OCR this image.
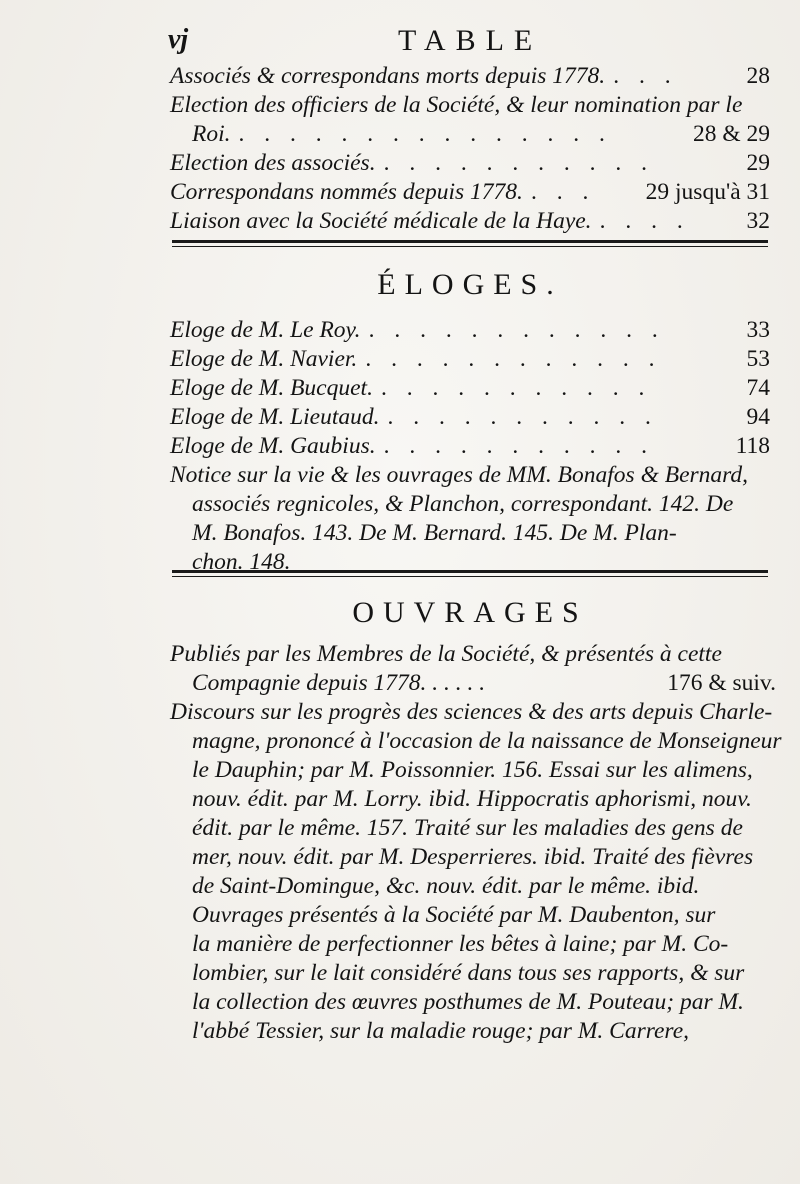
vj	TABLE
Associés & correspondans morts depuis 1778. . . .	28
Election des officiers de la Société, & leur nomination par le
Roi. . . . . . . . . . . . . . . .	28 & 29
Election des associés. . . . . . . . . . . .	29
Correspondans nommés depuis 1778. . . . 29 jusqu'à 31
Liaison avec la Société médicale de la Haye. . . . . 32
ÉLOGES.
Eloge de M. Le Roy. . . . . . . . . . . . .	33
Eloge de M. Navier. . . . . . . . . . . . .	53
Eloge de M. Bucquet. . . . . . . . . . . .	74
Eloge de M. Lieutaud. . . . . . . . . . . .	94
Eloge de M. Gaubius. . . . . . . . . . . .	118
Notice sur la vie & les ouvrages de MM. Bonafos & Bernard,
associés regnicoles, & Planchon, correspondant. 142. De
M. Bonafos. 143. De M. Bernard. 145. De M. Plan-
chon. 148.
OUVRAGES
Publiés par les Membres de la Société, & présentés à cette
Compagnie depuis 1778. . . . . .	176 & suiv.
Discours sur les progrès des sciences & des arts depuis Charle-
magne, prononcé à l'occasion de la naissance de Monseigneur
le Dauphin; par M. Poissonnier. 156. Essai sur les alimens,
nouv. édit. par M. Lorry. ibid. Hippocratis aphorismi, nouv.
édit. par le même. 157. Traité sur les maladies des gens de
mer, nouv. édit. par M. Desperrieres. ibid. Traité des fièvres
de Saint-Domingue, &c. nouv. édit. par le même. ibid.
Ouvrages présentés à la Société par M. Daubenton, sur
la manière de perfectionner les bêtes à laine; par M. Co-
lombier, sur le lait considéré dans tous ses rapports, & sur
la collection des œuvres posthumes de M. Pouteau; par M.
l'abbé Tessier, sur la maladie rouge; par M. Carrere,
